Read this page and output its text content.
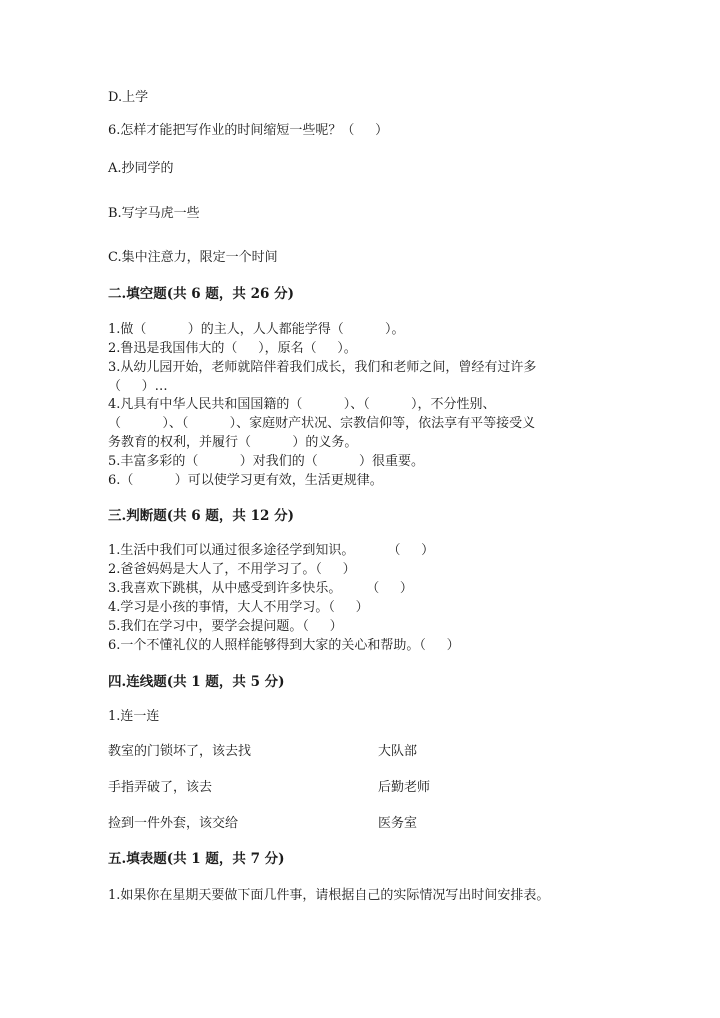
D.上学
6.怎样才能把写作业的时间缩短一些呢？（     ）
A.抄同学的
B.写字马虎一些
C.集中注意力，限定一个时间
二.填空题(共 6 题，共 26 分)
1.做（          ）的主人，人人都能学得（          ）。
2.鲁迅是我国伟大的（     ），原名（     ）。
3.从幼儿园开始，老师就陪伴着我们成长，我们和老师之间，曾经有过许多
（     ）…
4.凡具有中华人民共和国国籍的（          ）、（          ），不分性别、
（          ）、（          ）、家庭财产状况、宗教信仰等，依法享有平等接受义
务教育的权利，并履行（          ）的义务。
5.丰富多彩的（          ）对我们的（          ）很重要。
6.（          ）可以使学习更有效，生活更规律。
三.判断题(共 6 题，共 12 分)
1.生活中我们可以通过很多途径学到知识。        （     ）
2.爸爸妈妈是大人了，不用学习了。（     ）
3.我喜欢下跳棋，从中感受到许多快乐。      （     ）
4.学习是小孩的事情，大人不用学习。（     ）
5.我们在学习中，要学会提问题。（     ）
6.一个不懂礼仪的人照样能够得到大家的关心和帮助。（     ）
四.连线题(共 1 题，共 5 分)
1.连一连
教室的门锁坏了，该去找	大队部
手指弄破了，该去	后勤老师
捡到一件外套，该交给	医务室
五.填表题(共 1 题，共 7 分)
1.如果你在星期天要做下面几件事，请根据自己的实际情况写出时间安排表。
